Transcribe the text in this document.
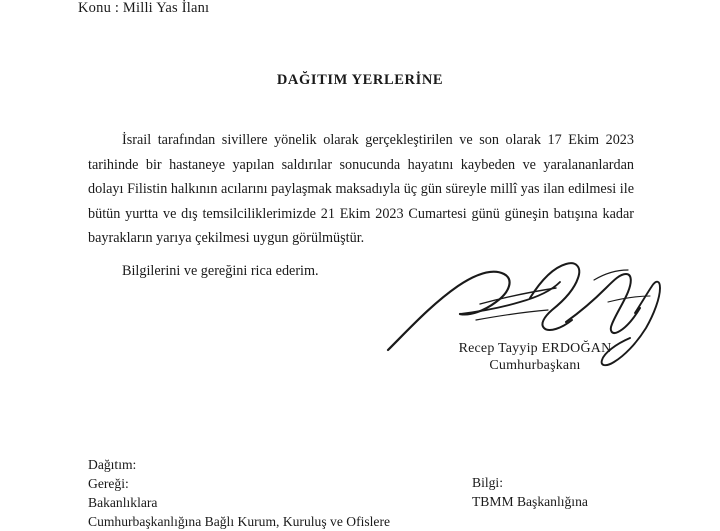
Konu : Milli Yas İlanı
DAĞITIM YERLERİNE

İsrail tarafından sivillere yönelik olarak gerçekleştirilen ve son olarak 17 Ekim 2023 tarihinde bir hastaneye yapılan saldırılar sonucunda hayatını kaybeden ve yaralananlardan dolayı Filistin halkının acılarını paylaşmak maksadıyla üç gün süreyle millî yas ilan edilmesi ile bütün yurtta ve dış temsilciliklerimizde 21 Ekim 2023 Cumartesi günü güneşin batışına kadar bayrakların yarıya çekilmesi uygun görülmüştür.

Bilgilerini ve gereğini rica ederim.

Recep Tayyip ERDOĞAN
Cumhurbaşkanı
Dağıtım:
Gereği:
Bakanlıklara
Cumhurbaşkanlığına Bağlı Kurum, Kuruluş ve Ofislere
Bilgi:
TBMM Başkanlığına
